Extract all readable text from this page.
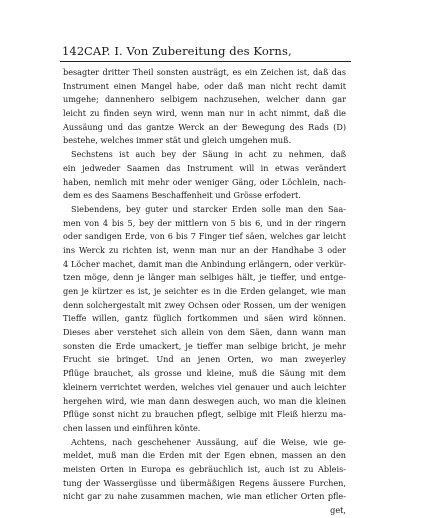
142 CAP. I. Von Zubereitung des Korns,
besagter dritter Theil sonsten austrägt, es ein Zeichen ist, daß das
Instrument einen Mangel habe, oder daß man nicht recht damit
umgehe; dannenhero selbigem nachzusehen, welcher dann gar
leicht zu finden seyn wird, wenn man nur in acht nimmt, daß die
Aussäung und das gantze Werck an der Bewegung des Rads (D)
bestehe, welches immer stät und gleich umgehen muß.
Sechstens ist auch bey der Säung in acht zu nehmen, daß
ein jedweder Saamen das Instrument will in etwas verändert
haben, nemlich mit mehr oder weniger Gäng, oder Löchlein, nach-
dem es des Saamens Beschaffenheit und Grösse erfodert.
Siebendens, bey guter und starcker Erden solle man den Saa-
men von 4 bis 5, bey der mittlern von 5 bis 6, und in der ringern
oder sandigen Erde, von 6 bis 7 Finger tief säen, welches gar leicht
ins Werck zu richten ist, wenn man nur an der Handhabe 3 oder
4 Löcher machet, damit man die Anbindung erlängern, oder verkür-
tzen möge, denn je länger man selbiges hält, je tieffer, und entge-
gen je kürtzer es ist, je seichter es in die Erden gelanget, wie man
denn solchergestalt mit zwey Ochsen oder Rossen, um der wenigen
Tieffe willen, gantz füglich fortkommen und säen wird können.
Dieses aber verstehet sich allein von dem Säen, dann wann man
sonsten die Erde umackert, je tieffer man selbige bricht, je mehr
Frucht sie bringet. Und an jenen Orten, wo man zweyerley
Pflüge brauchet, als grosse und kleine, muß die Säung mit dem
kleinern verrichtet werden, welches viel genauer und auch leichter
hergehen wird, wie man dann deswegen auch, wo man die kleinen
Pflüge sonst nicht zu brauchen pflegt, selbige mit Fleiß hierzu ma-
chen lassen und einführen könte.
Achtens, nach geschehener Aussäung, auf die Weise, wie ge-
meldet, muß man die Erden mit der Egen ebnen, massen an den
meisten Orten in Europa es gebräuchlich ist, auch ist zu Ableis-
tung der Wassergüsse und übermäßigen Regens äussere Furchen,
nicht gar zu nahe zusammen machen, wie man etlicher Orten pfle-
get,
